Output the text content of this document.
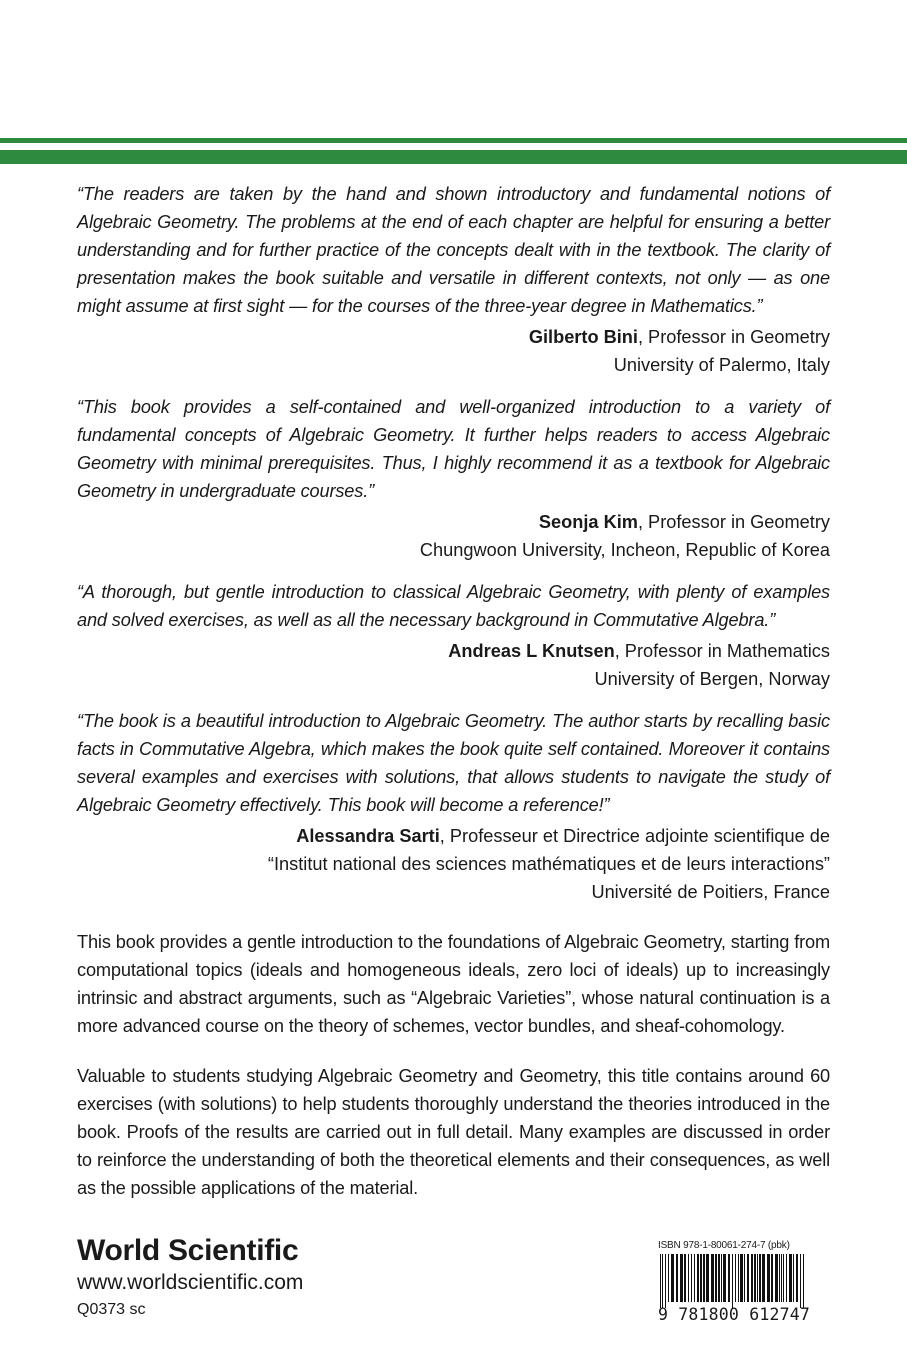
“The readers are taken by the hand and shown introductory and fundamental notions of Algebraic Geometry. The problems at the end of each chapter are helpful for ensuring a better understanding and for further practice of the concepts dealt with in the textbook. The clarity of presentation makes the book suitable and versatile in different contexts, not only — as one might assume at first sight — for the courses of the three-year degree in Mathematics.”

Gilberto Bini, Professor in Geometry
University of Palermo, Italy

“This book provides a self-contained and well-organized introduction to a variety of fundamental concepts of Algebraic Geometry. It further helps readers to access Algebraic Geometry with minimal prerequisites. Thus, I highly recommend it as a textbook for Algebraic Geometry in undergraduate courses.”

Seonja Kim, Professor in Geometry
Chungwoon University, Incheon, Republic of Korea

“A thorough, but gentle introduction to classical Algebraic Geometry, with plenty of examples and solved exercises, as well as all the necessary background in Commutative Algebra.”

Andreas L Knutsen, Professor in Mathematics
University of Bergen, Norway

“The book is a beautiful introduction to Algebraic Geometry. The author starts by recalling basic facts in Commutative Algebra, which makes the book quite self contained. Moreover it contains several examples and exercises with solutions, that allows students to navigate the study of Algebraic Geometry effectively. This book will become a reference!”

Alessandra Sarti, Professeur et Directrice adjointe scientifique de
“Institut national des sciences mathématiques et de leurs interactions”
Université de Poitiers, France

This book provides a gentle introduction to the foundations of Algebraic Geometry, starting from computational topics (ideals and homogeneous ideals, zero loci of ideals) up to increasingly intrinsic and abstract arguments, such as “Algebraic Varieties”, whose natural continuation is a more advanced course on the theory of schemes, vector bundles, and sheaf-cohomology.

Valuable to students studying Algebraic Geometry and Geometry, this title contains around 60 exercises (with solutions) to help students thoroughly understand the theories introduced in the book. Proofs of the results are carried out in full detail. Many examples are discussed in order to reinforce the understanding of both the theoretical elements and their consequences, as well as the possible applications of the material.

World Scientific
www.worldscientific.com
Q0373 sc
ISBN 978-1-80061-274-7 (pbk)
9 781800 612747
